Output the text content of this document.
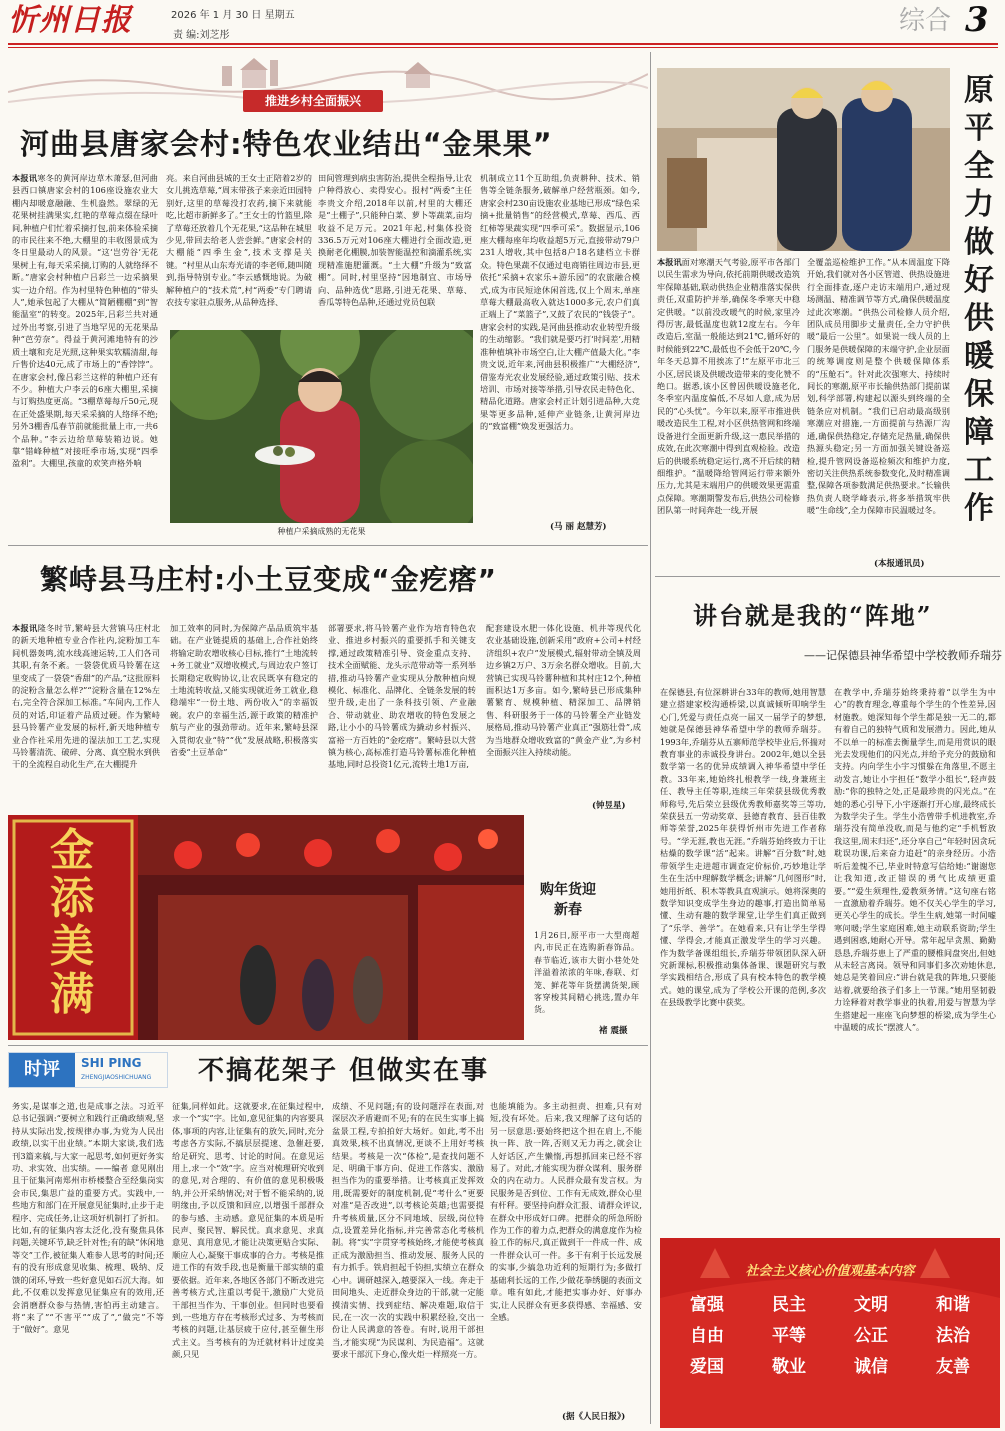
忻州日报	2026 年 1 月 30 日 星期五
责 编:刘芝彤	综合 3
推进乡村全面振兴
河曲县唐家会村:特色农业结出“金果果”
本报讯寒冬的黄河岸边草木萧瑟,但河曲县西口镇唐家会村的106座设施农业大棚内却暖意融融、生机盎然。翠绿的无花果树挂满果实,红艳的草莓点缀在绿叶间,种植户们忙着采摘打包,前来体验采摘的市民往来不绝,大棚里的丰收图景成为冬日里最动人的风景。“这‘岂劳谷’无花果树上有,每天采采摘,订购的人就络绎不断。”唐家会村种植户吕彩兰一边采摘果实一边介绍。作为村里特色种植的“带头人”,她承包起了大棚从“简陋棚棚”到“智能温室”的转变。2025年,吕彩兰共对通过外出考察,引进了当地罕见的无花果品种“芭劳奈”。得益于黄河滩地特有的沙质土壤和充足光照,这种果实软糯清甜,每斤售价达40元,成了市场上的“香饽饽”。在唐家会村,像吕彩兰这样的种植户还有不少。种植大户李云的6座大棚里,采摘与订购热度更高。“3棚草莓每斤50元,现在正处盛果期,每天采采摘的人络绎不绝;另外3棚香瓜春节前就能批量上市,一共6个品种。”李云边给草莓装箱边说。她靠“错峰种植”对接旺季市场,实现“四季盈利”。大棚里,孩童的欢笑声格外响
亮。来自河曲县城的王女士正陪着2岁的女儿挑选草莓,“周末带孩子来亲近田园特别好,这里的草莓没打农药,摘下来就能吃,比超市新鲜多了。”王女士的竹篮里,除了草莓还放着几个无花果,“这品种在城里少见,带回去给老人尝尝鲜。”唐家会村的大棚能“四季生金”,技术支撑是关键。“村里从山东寿光请的李老师,随叫随到,指导特别专业。”李云感慨地说。为破解种植户的“技术荒”,村“两委”专门聘请农技专家驻点服务,从品种选择、
田间管理到病虫害防治,提供全程指导,让农户种得放心、卖得安心。报村“两委”主任李贵文介绍,2018年以前,村里的大棚还是“土棚子”,只能种白菜、萝卜等蔬菜,亩均收益不足万元。2021年起,村集体投资336.5万元对106座大棚进行全面改造,更换耐老化棚膜,加装智能温控和滴灌系统,实现精准施肥灌溉。“土大棚”升级为“致富棚”。同时,村里坚持“因地制宜、市场导向、品种选优”思路,引进无花果、草莓、香瓜等特色品种,还通过党员包联
机制成立11个互助组,负责耕种、技术、销售等全链条服务,破解单户经营瓶颈。如今,唐家会村230亩设施农业基地已形成“绿色采摘+批量销售”的经营模式,草莓、西瓜、西红柿等果蔬实现“四季可采”。数据显示,106座大棚每座年均收益超5万元,直接带动79户231人增收,其中包括8户18名建档立卡群众。特色果蔬不仅通过电商销往周边市县,更依托“采摘+农家乐+游乐园”的农旅融合模式,成为市民短途休闲首选,仅上个周末,单座草莓大棚最高收入就达1000多元,农户们真正端上了“菜篮子”,又鼓了农民的“钱袋子”。唐家会村的实践,是河曲县推动农业转型升级的生动缩影。“我们就是要巧打‘时间差’,用精准种植填补市场空白,让大棚产值最大化。”李贵文说,近年来,河曲县积极推广“大棚经济”,借鉴寿光农业发展经验,通过政策引贴、技术培训、市场对接等举措,引导农民走特色化、精品化道路。唐家会村正计划引进品种,大竞果等更多品种,延伸产业链条,让黄河岸边的“致富棚”焕发更强活力。
(马 丽 赵慧芳)
种植户采摘成熟的无花果
繁峙县马庄村:小土豆变成“金疙瘩”
本报讯隆冬时节,繁峙县大营镇马庄村北的新天地种植专业合作社内,淀粉加工车间机器轰鸣,流水线高速运转,工人们各司其职,有条不紊。一袋袋优质马铃薯在这里变成了一袋袋“香甜”的产品,“这批原料的淀粉含量怎么样?”“淀粉含量在12%左右,完全符合深加工标准。”车间内,工作人员的对话,印证着产品质过硬。作为繁峙县马铃薯产业发展的标杆,新天地种植专业合作社采用先进的湿法加工工艺,实现马铃薯清洗、破碎、分离、真空脱水到供干的全流程自动化生产,在大棚提升
加工效率的同时,为保障产品品质筑牢基础。在产业链提质的基础上,合作社始终将输定助农增收核心目标,推行“土地流转+务工就业”双增收模式,与周边农户签订长期稳定收购协议,让农民既享有稳定的土地流转收益,又能实现就近务工就业,稳稳端牢“一份土地、两份收入”的幸福饭碗。农户的幸福生活,源于政策的精准护航与产业的强劲带动。近年来,繁峙县深入贯彻农业“特”“优”发展战略,积极落实省委“土豆革命”
部署要求,将马铃薯产业作为培育特色农业、推进乡村振兴的重要抓手和关键支撑,通过政策精准引导、资金重点支持、技术全面赋能、龙头示范带动等一系列举措,推动马铃薯产业实现从分散种植向规模化、标准化、品牌化、全链条发展的转型升级,走出了一条科技引领、产业融合、带动就业、助农增收的特色发展之路,让小小的马铃薯成为撬动乡村振兴、富裕一方百姓的“金疙瘩”。繁峙县以大营镇为核心,高标准打造马铃薯标准化种植基地,同时总投资1亿元,流转土地1万亩,
配套建设水肥一体化设施、机井等现代化农业基础设施,创新采用“政府+公司+村经济组织+农户”发展模式,辐射带动全镇及周边乡镇2万户、3万余名群众增收。目前,大营镇已实现马铃薯种植和其村庄12个,种植面积达1万多亩。如今,繁峙县已形成集种薯繁育、规模种植、精深加工、品牌销售、科研服务于一体的马铃薯全产业链发展格局,推动马铃薯产业真正“强筋壮骨”,成为当地群众增收致富的“黄金产业”,为乡村全面振兴注入持续动能。
(钟昱星)
金添美满
购年货迎新春
1月26日,原平市一大型商超内,市民正在选购新春饰品。春节临近,该市大街小巷处处洋溢着浓浓的年味,春联、灯笼、鲜花等年货摆满货架,顾客穿梭其间精心挑选,置办年货。
褚 震摄
时评	SHI PING
ZHENGJIAOSHICHUANG 不搞花架子 但做实在事
务实,是谋事之道,也是成事之法。习近平总书记强调:“要树立和践行正确政绩观,坚持从实际出发,按规律办事,为党为人民出政绩,以实干出业绩。”本期大家谈,我们选刊3篇来稿,与大家一起思考,如何更好务实功、求实效、出实绩。——编者 意见刚出且于征集河南郑州市桥楼整合至经集岗实会市民,集思广益的重要方式。实践中,一些地方和部门在开展意见征集时,止步于走程序、完成任务,让这项好机制打了折扣。比如,有的征集内容太泛化,没有聚焦具体问题,关键环节,缺乏针对性;有的缺“休闲地等交”工作,被征集人难参人思考的时间;还有的没有形成意见收集、梳理、吸纳、反馈的闭环,导致一些好意见如石沉大海。如此,不仅难以发挥意见征集应有的效用,还会消磨群众参与热情,害怕再主动建言。将“来了”“不害平”“成了”,“做完”不等于“做好”。意见
征集,同样如此。这就要求,在征集过程中,求一个“实”字。比如,意见征集的内容要具体,事项的内容,让征集有的放矢,同时,充分考虑各方实际,不搞层层提速、急催赶要,给足研究、思考、讨论的时间。在意见运用上,求一个“效”字。应当对梳理研究收到的意见,对合理的、有价值的意见积极吸纳,并公开采纳情况;对于暂不能采纳的,说明缘由,予以反馈和回应,以增强千部群众的参与感、主动感。意见征集的本质是听民声、聚民智、解民忧。真求意见、求真意见、真用意见,才能让决策更贴合实际、顺应人心,凝聚干事成事的合力。考核是推进工作的有效手段,也是衡量干部实绩的重要依据。近年来,各地区各部门不断改进完善考核方式,注重以考促干,激励广大党员干部担当作为、干事创业。但同时也要看到,一些地方存在考核形式过多、为考核而考核的问题,让基层疲于应付,甚至催生形式主义。当考核有的为迁就材料计过度美颜,只见
成绩、不见问题;有的设问题浮在表面,对深层次矛盾避而不见;有的在民生实事上搞盆景工程,专拍拍好大场好。如此,考不出真效果,核不出真情况,更谈不上用好考核结果。考核是一次“体检”,是查找问题不足、明确干事方向、促进工作落实、激励担当作为的重要举措。让考核真正发挥效用,既需要好的制度机制,促“考什么”更要对准“是否改进”,以考核论英雄;也需要提升考核质量,区分不同地域、层级,岗位特点,设置差异化指标,并完善常态化考核机制。将“实”字贯穿考核始终,才能使考核真正成为激励担当、推动发展、服务人民的有力抓手。铁肩担起千钧担,实绩立在群众心中。调研越深入,越要深入一线。奔走于田间地头、走近群众身边的干部,就一定能摸清实情、找到症结、解决难题,取信于民,在一次一次的实践中积累经验,交出一份让人民满意的答卷。有时,说用干部担当,才能实现“为民谋利、为民造福”。这就要求干部沉下身心,像火炬一样照亮一方。
也能填能为。多主动担责、担难,只有对短,没有坏处。后来,我又理解了这句话的另一层意思:要始终把这个担在肩上,不能执一阵、放一阵,否则又无力再之,就会让人好话区,产生懒惰,再想抓回来已经不容易了。对此,才能实现为群众谋利、服务群众的内在动力。人民群众最有发言权。为民服务是否到位、工作有无成效,群众心里有杆秤。要坚持向群众汇报、请群众评议,在群众中形成好口碑。把群众的所急所盼作为工作的着力点,把群众的满意度作为检验工作的标尺,真正做到干一件成一件、成一件群众认可一件。多干有利于长远发展的实事,少搞急功近利的短期行为;多做打基础利长远的工作,少做花拳绣腿的表面文章。唯有如此,才能把实事办好、好事办实,让人民群众有更多获得感、幸福感、安全感。
(据《人民日报》)
原平全力做好供暖保障工作
本报讯面对寒潮天气考验,原平市各部门以民生需求为导向,依托前期供暖改造筑牢保障基础,联动供热企业精准落实保供责任,双重防护并举,确保冬季寒天中稳定供暖。“以前没改暖气的时候,家里冷得厉害,最低温度也就12度左右。今年改造后,室温一般能达到21℃,循环好的时候能到22℃,最低也不会低于20℃,今年冬天总算不用挨冻了!”左原平市北三小区,居民谈及供暖改造带来的变化赞不绝口。据悉,该小区曾因供暖设施老化,冬季室内温度偏低,不尽如人意,成为居民的“心头忧”。今年以来,原平市推进供暖改造民生工程,对小区供热管网和终端设备进行全面更新升级,这一惠民举措的成效,在此次寒潮中得到直观检验。改造后的供暖系统稳定运行,离不开后续的精细维护。“温暖降给管网运行带来额外压力,尤其是末端用户的供暖效果更需重点保障。寒潮期警发布后,供热公司检修团队第一时间奔赴一线,开展
全覆盖巡检维护工作。”从本周温度下降开始,我们就对各小区管道、供热设施进行全面排查,逐户走访末端用户,通过现场测温、精准调节等方式,确保供暖温度过此次寒潮。“供热公司检修人员介绍,团队成员用脚步丈量责任,全力守护供暖“最后一公里”。如果说一线人员的上门服务是供暖保障的末端守护,企业层面的统筹调度则是整个供暖保障体系的“压舱石”。针对此次强寒大、持续时间长的寒潮,原平市长输供热部门提前谋划,科学部署,构建起以源头到终端的全链条应对机制。“我们已启动最高级别寒潮应对措施,一方面提前与热源厂沟通,确保供热稳定,存储充足热量,确保供热源头稳定;另一方面加强关键设备巡检,提升管网设备巡检频次和维护力度,密切关注供热系统参数变化,及时精准调整,保障各项参数满足供热要求。”长输供热负责人晓学峰表示,将多举措筑牢供暖“生命线”,全力保障市民温暖过冬。
(本报通讯员)
讲台就是我的“阵地”
——记保德县神华希望中学校教师乔瑞芬
在保德县,有位深耕讲台33年的教师,她用智慧建立搭建家校沟通桥梁,以真诚倾听叩响学生心门,凭爱与责任点亮一届又一届学子的梦想,她就是保德县神华希望中学的教师乔瑞芬。1993年,乔瑞芬从五寨师范学校毕业后,怀揣对教育事业的赤诚投身讲台。2002年,她以全县数学第一名的优异成绩调入神华希望中学任教。33年来,她始终扎根教学一线,身兼班主任、教导主任等职,连续三年荣获县级优秀教师称号,先后荣立县级优秀教师嘉奖等三等功,荣获县五一劳动奖章、县德育教育、县百佳教师等荣誉,2025年获得忻州市先进工作者称号。“学无涯,教也无涯。”乔瑞芬始终致力于让枯燥的数学课“活”起来。讲解“百分数”时,她带领学生走进超市调查定价标价,巧妙地让学生在生活中理解数学概念;讲解“几何图形”时,她用折纸、积木等教具直观演示。她将深奥的数学知识变成学生身边的趣事,打造出简单易懂、生动有趣的数学课堂,让学生们真正做到了“乐学、善学”。在她看来,只有让学生学得懂、学得会,才能真正激发学生的学习兴趣。作为数学备课组组长,乔瑞芬带领团队深入研究新课标,积极推动集体备课、课题研究与教学实践相结合,形成了具有校本特色的教学模式。她的课堂,成为了学校公开课的范例,多次在县级教学比赛中获奖。
在教学中,乔瑞芬始终秉持着“以学生为中心”的教育理念,尊重每个学生的个性差异,因材施教。她深知每个学生都是独一无二的,都有着自己的独特气质和发展潜力。因此,她从不以单一的标准去衡量学生,而是用赏识的眼光去发现他们的闪光点,并给予充分的鼓励和支持。内向学生小宇习惯躲在角落里,不愿主动发言,她让小宇担任“数学小组长”,轻声鼓励:“你的独特之处,正是最珍贵的闪光点。”在她的悉心引导下,小宇逐渐打开心扉,最终成长为数学尖子生。学生小浩曾带手机进教室,乔瑞芬没有简单没收,而是与他约定“手机暂放我这里,周末归还”,还分享自己“年轻时因贪玩耽误功课,后来奋力追赶”的亲身经历。小浩听后羞愧不已,毕业时特意写信给她:“谢谢您让我知道,改正错误的勇气比成绩更重要。”“爱生须理性,爱教须务情。”这句座右铭一直激励着乔瑞芬。她不仅关心学生的学习,更关心学生的成长。学生生病,她第一时间嘘寒问暖;学生家庭困难,她主动联系资助;学生遇到困惑,她耐心开导。常年起早贪黑、勤勤恳恳,乔瑞芬患上了严重的腰椎间盘突出,但她从未轻言离岗。领导和同事们多次劝她休息,她总是笑着回应:“讲台就是我的阵地,只要能站着,就要给孩子们多上一节课。”她用坚韧毅力诠释着对教学事业的执着,用爱与智慧为学生搭建起一座座飞向梦想的桥梁,成为学生心中温暖的成长“摆渡人”。
社会主义核心价值观基本内容
富强	民主	文明	和谐
自由	平等	公正	法治
爱国	敬业	诚信	友善
